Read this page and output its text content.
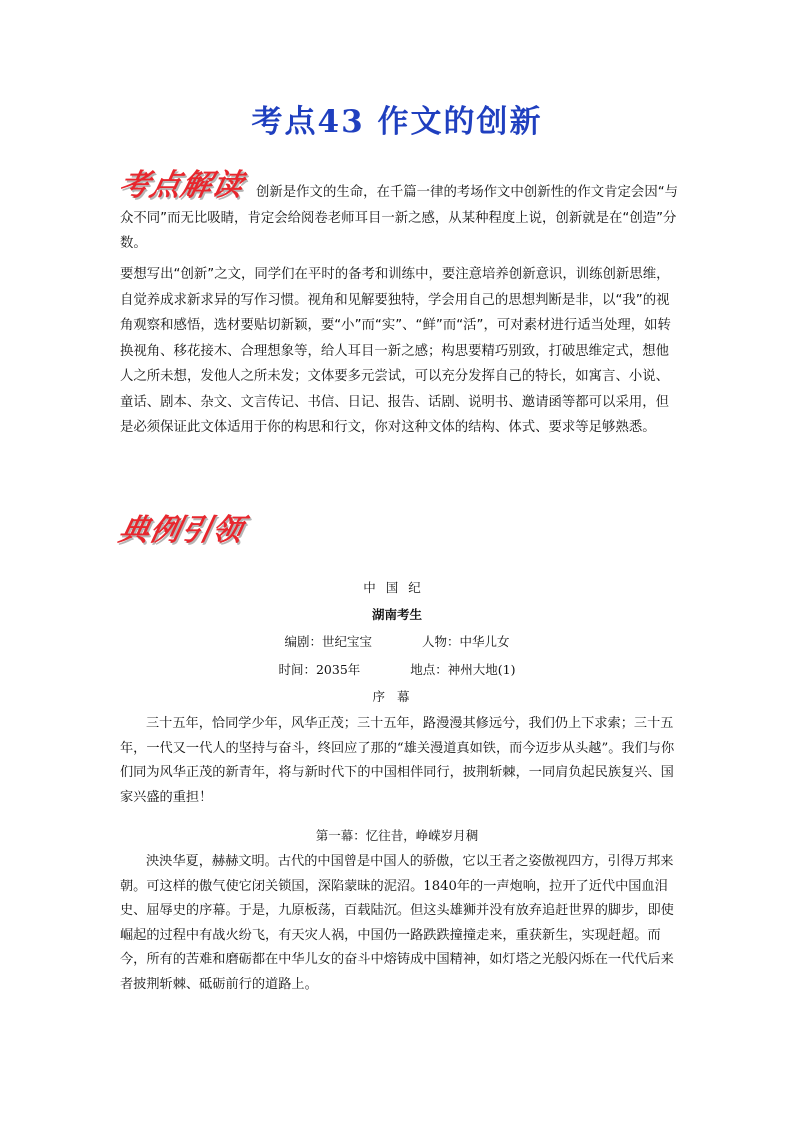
考点43 作文的创新
考点解读 创新是作文的生命，在千篇一律的考场作文中创新性的作文肯定会因“与众不同”而无比吸睛，肯定会给阅卷老师耳目一新之感，从某种程度上说，创新就是在“创造”分数。

要想写出“创新”之文，同学们在平时的备考和训练中，要注意培养创新意识，训练创新思维，自觉养成求新求异的写作习惯。视角和见解要独特，学会用自己的思想判断是非，以“我”的视角观察和感悟，选材要贴切新颖，要“小”而“实”、“鲜”而“活”，可对素材进行适当处理，如转换视角、移花接木、合理想象等，给人耳目一新之感；构思要精巧别致，打破思维定式，想他人之所未想，发他人之所未发；文体要多元尝试，可以充分发挥自己的特长，如寓言、小说、童话、剧本、杂文、文言传记、书信、日记、报告、话剧、说明书、邀请函等都可以采用，但是必须保证此文体适用于你的构思和行文，你对这种文体的结构、体式、要求等足够熟悉。

典例引领
中国纪
湖南考生
编剧：世纪宝宝	人物：中华儿女
时间：2035年	地点：神州大地(1)
序幕

三十五年，恰同学少年，风华正茂；三十五年，路漫漫其修远兮，我们仍上下求索；三十五年，一代又一代人的坚持与奋斗，终回应了那的“雄关漫道真如铁，而今迈步从头越”。我们与你们同为风华正茂的新青年，将与新时代下的中国相伴同行，披荆斩棘，一同肩负起民族复兴、国家兴盛的重担！

第一幕：忆往昔，峥嵘岁月稠

泱泱华夏，赫赫文明。古代的中国曾是中国人的骄傲，它以王者之姿傲视四方，引得万邦来朝。可这样的傲气使它闭关锁国，深陷蒙昧的泥沼。1840年的一声炮响，拉开了近代中国血泪史、屈辱史的序幕。于是，九原板荡，百载陆沉。但这头雄狮并没有放弃追赶世界的脚步，即使崛起的过程中有战火纷飞，有天灾人祸，中国仍一路跌跌撞撞走来，重获新生，实现赶超。而今，所有的苦难和磨砺都在中华儿女的奋斗中熔铸成中国精神，如灯塔之光般闪烁在一代代后来者披荆斩棘、砥砺前行的道路上。
